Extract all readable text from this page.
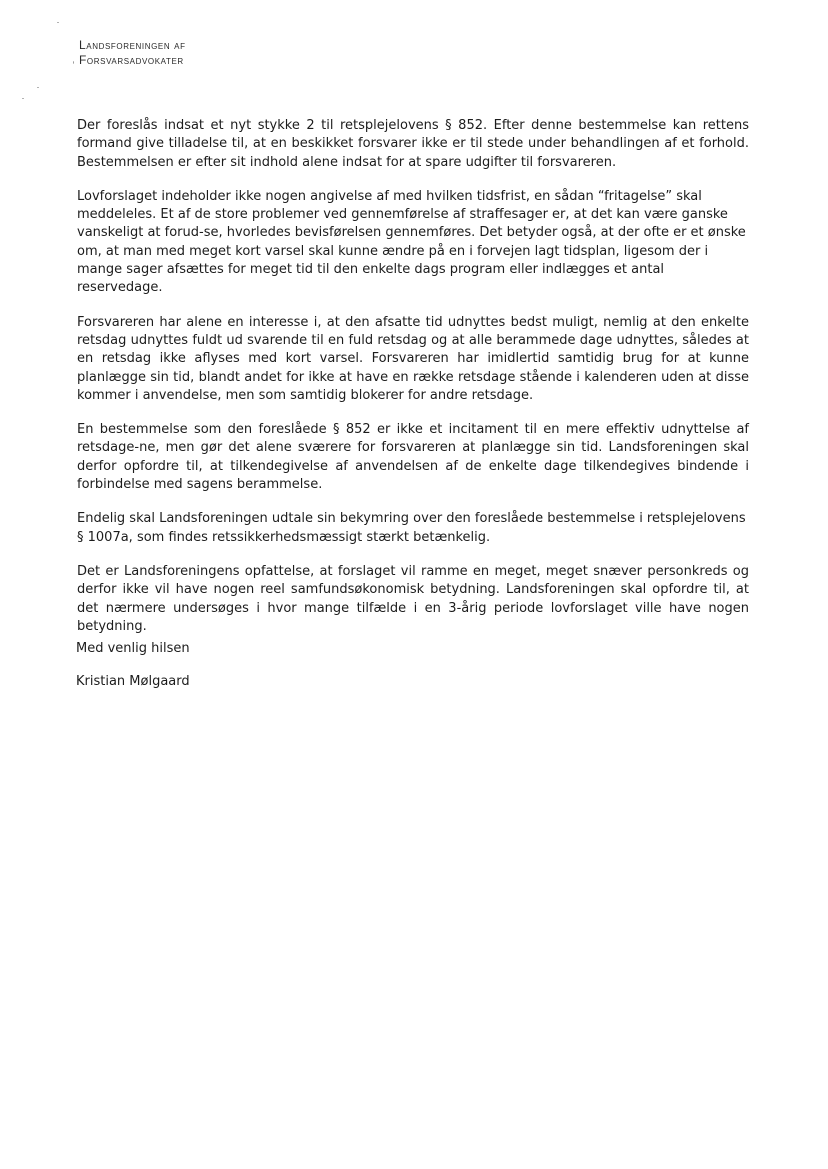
Landsforeningen af
Forsvarsadvokater

Der foreslås indsat et nyt stykke 2 til retsplejelovens § 852. Efter denne bestemmelse kan rettens formand give tilladelse til, at en beskikket forsvarer ikke er til stede under behandlingen af et forhold. Bestemmelsen er efter sit indhold alene indsat for at spare udgifter til forsvareren.

Lovforslaget indeholder ikke nogen angivelse af med hvilken tidsfrist, en sådan “fritagelse” skal meddeleles. Et af de store problemer ved gennemførelse af straffesager er, at det kan være ganske vanskeligt at forud-se, hvorledes bevisførelsen gennemføres. Det betyder også, at der ofte er et ønske om, at man med meget kort varsel skal kunne ændre på en i forvejen lagt tidsplan, ligesom der i mange sager afsættes for meget tid til den enkelte dags program eller indlægges et antal reservedage.

Forsvareren har alene en interesse i, at den afsatte tid udnyttes bedst muligt, nemlig at den enkelte retsdag udnyttes fuldt ud svarende til en fuld retsdag og at alle berammede dage udnyttes, således at en retsdag ikke aflyses med kort varsel. Forsvareren har imidlertid samtidig brug for at kunne planlægge sin tid, blandt andet for ikke at have en række retsdage stående i kalenderen uden at disse kommer i anvendelse, men som samtidig blokerer for andre retsdage.

En bestemmelse som den foreslåede § 852 er ikke et incitament til en mere effektiv udnyttelse af retsdage-ne, men gør det alene sværere for forsvareren at planlægge sin tid. Landsforeningen skal derfor opfordre til, at tilkendegivelse af anvendelsen af de enkelte dage tilkendegives bindende i forbindelse med sagens berammelse.

Endelig skal Landsforeningen udtale sin bekymring over den foreslåede bestemmelse i retsplejelovens § 1007a, som findes retssikkerhedsmæssigt stærkt betænkelig.

Det er Landsforeningens opfattelse, at forslaget vil ramme en meget, meget snæver personkreds og derfor ikke vil have nogen reel samfundsøkonomisk betydning. Landsforeningen skal opfordre til, at det nærmere undersøges i hvor mange tilfælde i en 3-årig periode lovforslaget ville have nogen betydning.

Med venlig hilsen
Kristian Mølgaard
